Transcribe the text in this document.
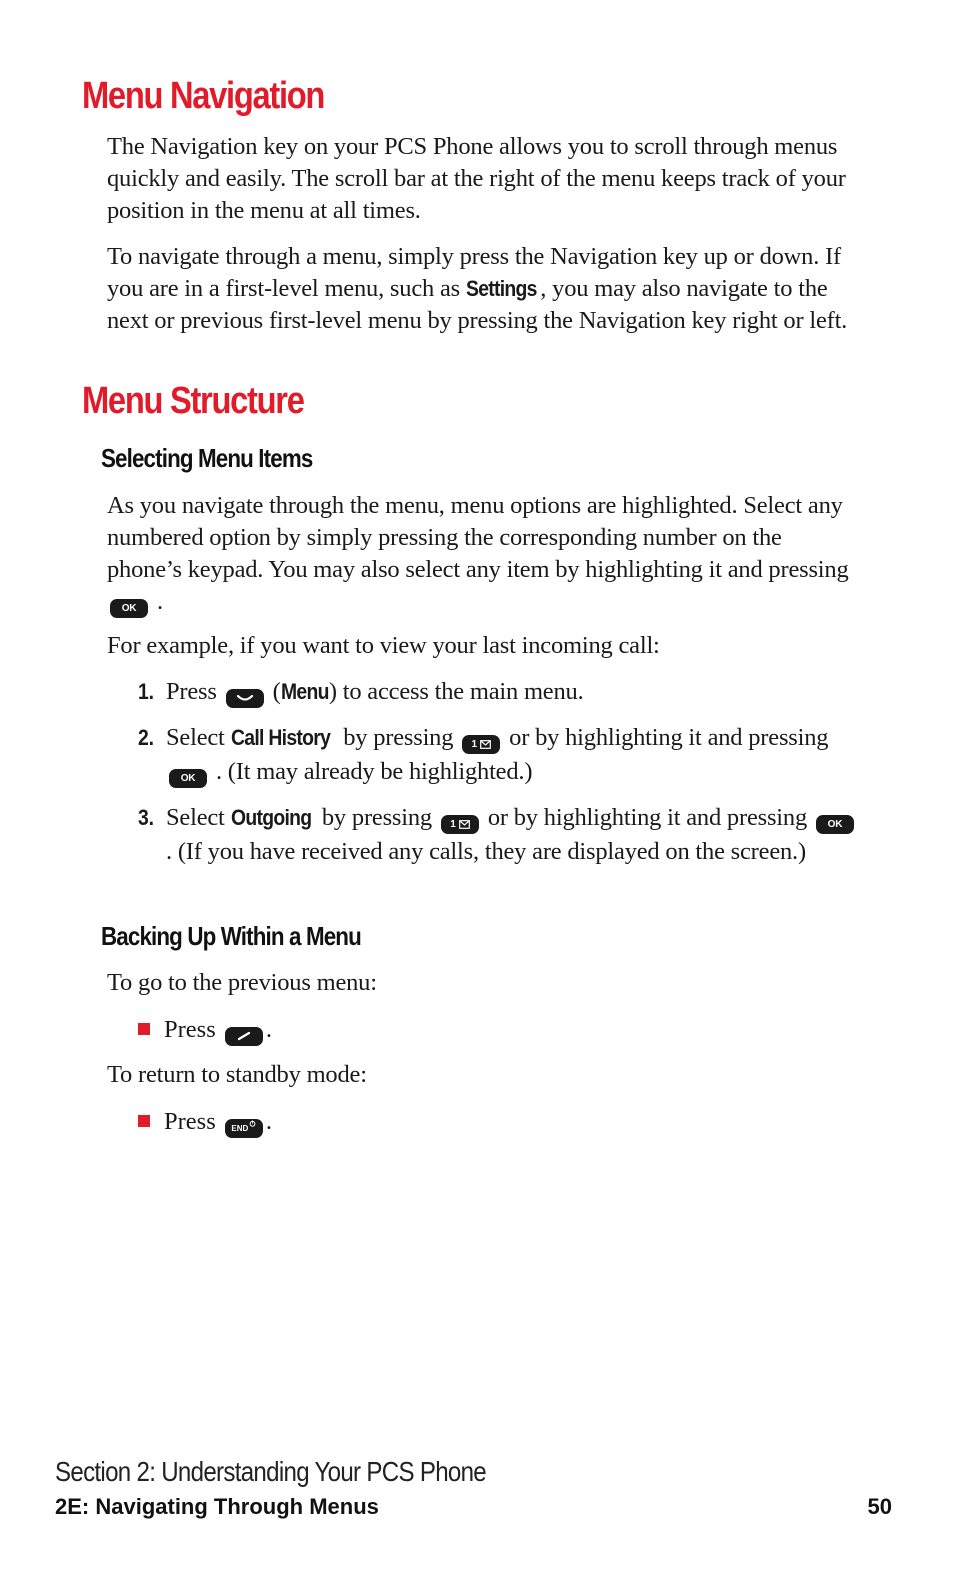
Menu Navigation

The Navigation key on your PCS Phone allows you to scroll through menus quickly and easily. The scroll bar at the right of the menu keeps track of your position in the menu at all times.

To navigate through a menu, simply press the Navigation key up or down. If you are in a first-level menu, such as Settings , you may also navigate to the next or previous first-level menu by pressing the Navigation key right or left.

Menu Structure
Selecting Menu Items

As you navigate through the menu, menu options are highlighted. Select any numbered option by simply pressing the corresponding number on the phone’s keypad. You may also select any item by highlighting it and pressing OK .

For example, if you want to view your last incoming call:

1. Press (Menu) to access the main menu.
2. Select Call History by pressing 1 or by highlighting it and pressing OK . (It may already be highlighted.)
3. Select Outgoing by pressing 1 or by highlighting it and pressing OK . (If you have received any calls, they are displayed on the screen.)
Backing Up Within a Menu

To go to the previous menu:

Press .

To return to standby mode:

Press END .

Section 2: Understanding Your PCS Phone

2E: Navigating Through Menus	50
